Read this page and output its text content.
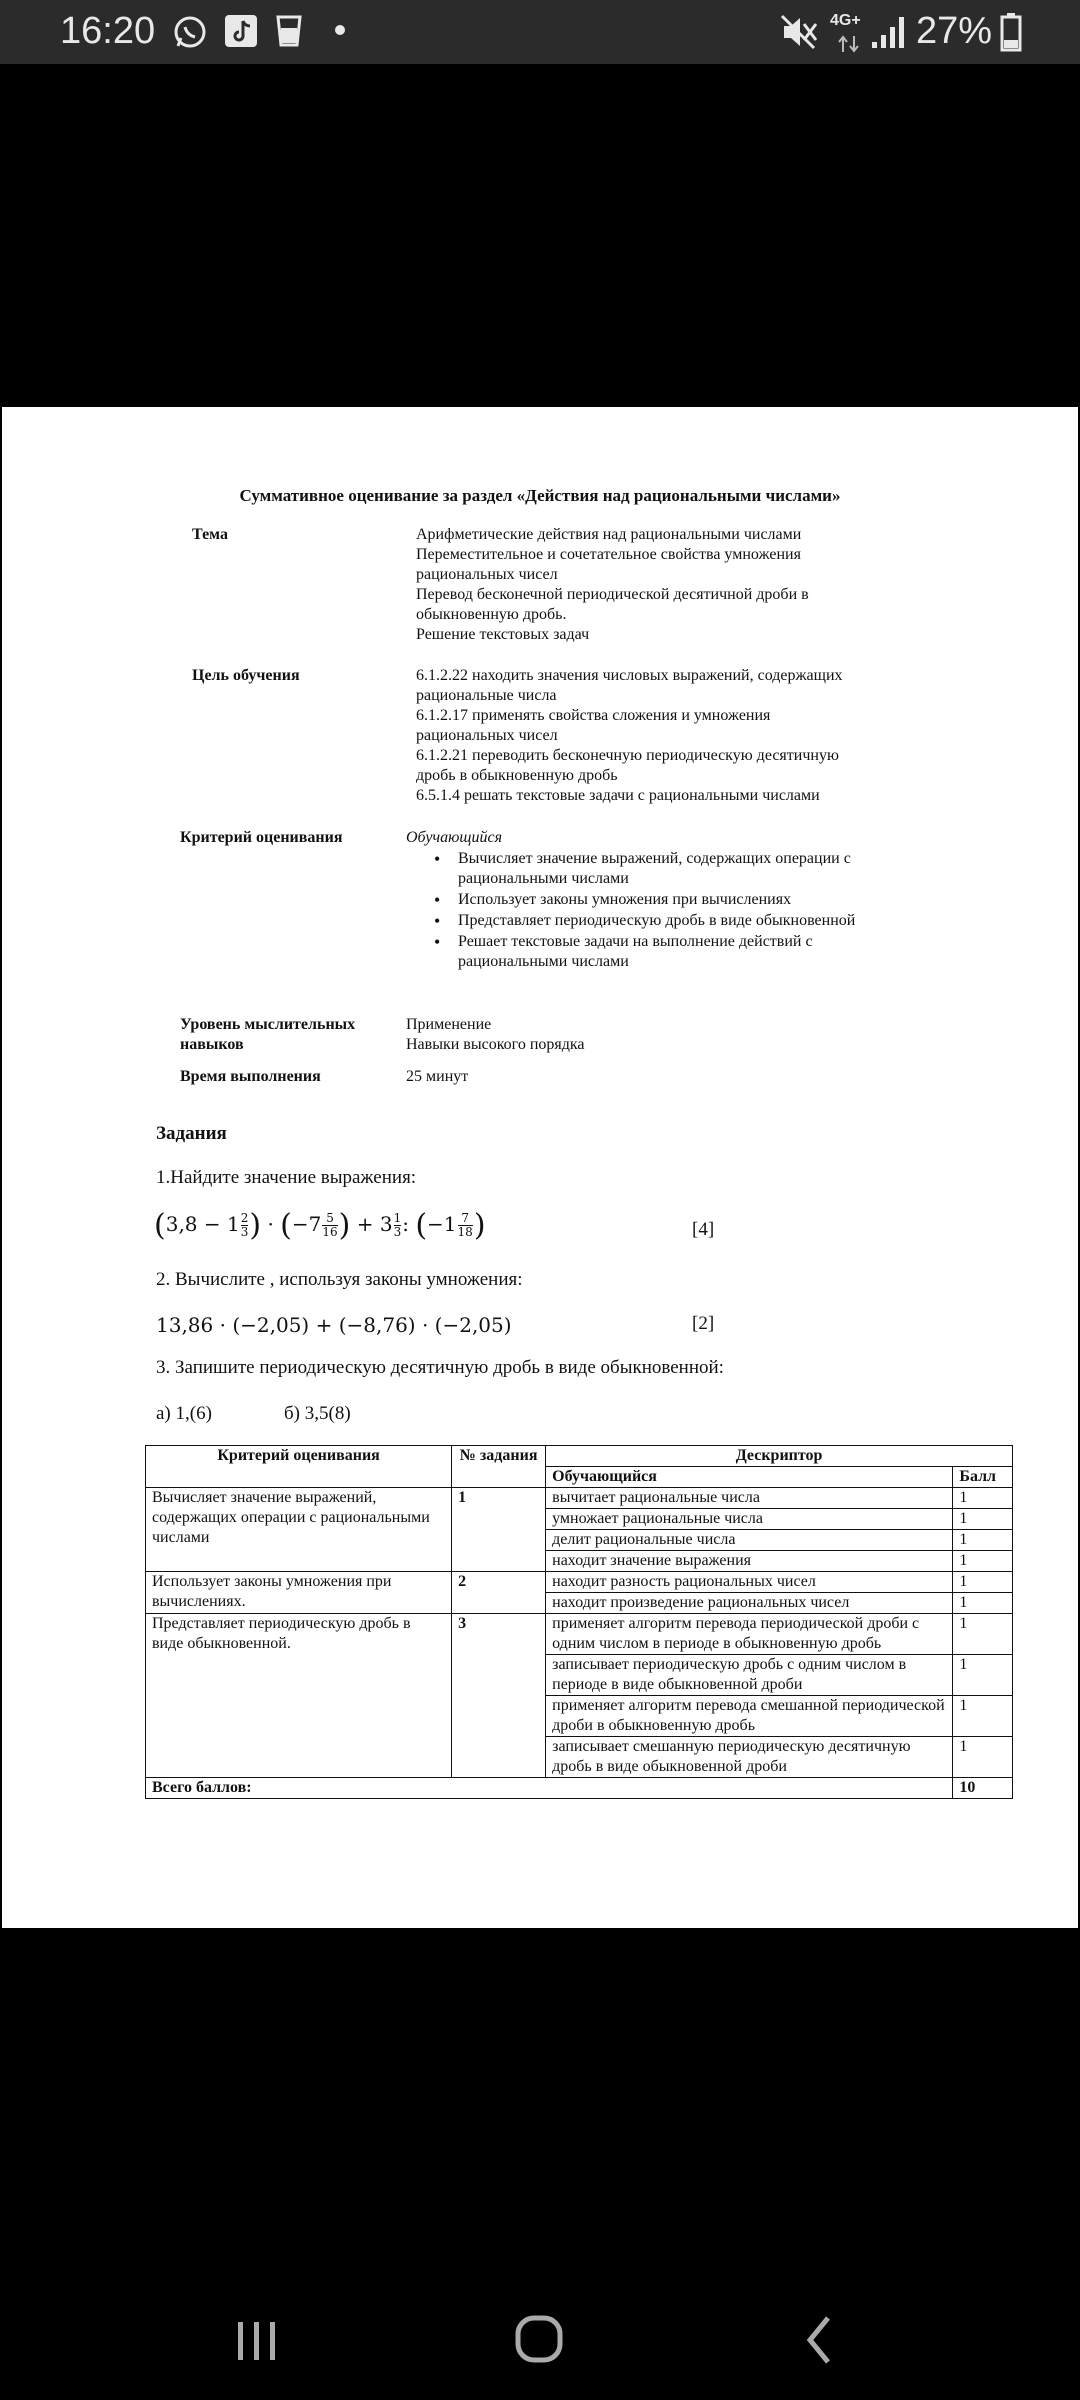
16:20	4G+ 27%
Суммативное оценивание за раздел «Действия над рациональными числами»
Тема	Арифметические действия над рациональными числами
Переместительное и сочетательное свойства умножения
рациональных чисел
Перевод бесконечной периодической десятичной дроби в
обыкновенную дробь.
Решение текстовых задач
Цель обучения	6.1.2.22 находить значения числовых выражений, содержащих
рациональные числа
6.1.2.17 применять свойства сложения и умножения
рациональных чисел
6.1.2.21 переводить бесконечную периодическую десятичную
дробь в обыкновенную дробь
6.5.1.4 решать текстовые задачи с рациональными числами
Критерий оценивания	Обучающийся
• Вычисляет значение выражений, содержащих операции с рациональными числами
• Использует законы умножения при вычислениях
• Представляет периодическую дробь в виде обыкновенной
• Решает текстовые задачи на выполнение действий с рациональными числами
Уровень мыслительных навыков
Применение
Навыки высокого порядка
Время выполнения	25 минут
Задания
1.Найдите значение выражения:
($3,8 - 1 \frac{2}{3}$ ) · ($-7 \frac{5}{16}$ ) + $3 \frac{1}{3}$ : ($-1 \frac{7}{18}$ )	[4]
2. Вычислите , используя законы умножения:
13,86 · (−2,05) + (−8,76) · (−2,05)	[2]
3. Запишите периодическую десятичную дробь в виде обыкновенной:
а) 1,(6)	б) 3,5(8)
Критерий оценивания	№ задания	Дескриптор	
		Обучающийся	Балл
Вычисляет значение выражений, содержащих операции с рациональными числами	1	вычитает рациональные числа	1
		умножает рациональные числа	1
		делит рациональные числа	1
		находит значение выражения	1
Использует законы умножения при вычислениях.	2	находит разность рациональных чисел	1
		находит произведение рациональных чисел	1
Представляет периодическую дробь в виде обыкновенной.	3	применяет алгоритм перевода периодической дроби с одним числом в периоде в обыкновенную дробь	1
		записывает периодическую дробь с одним числом в периоде в виде обыкновенной дроби	1
		применяет алгоритм перевода смешанной периодической дроби в обыкновенную дробь	1
		записывает смешанную периодическую десятичную дробь в виде обыкновенной дроби	1
Всего баллов:			10
